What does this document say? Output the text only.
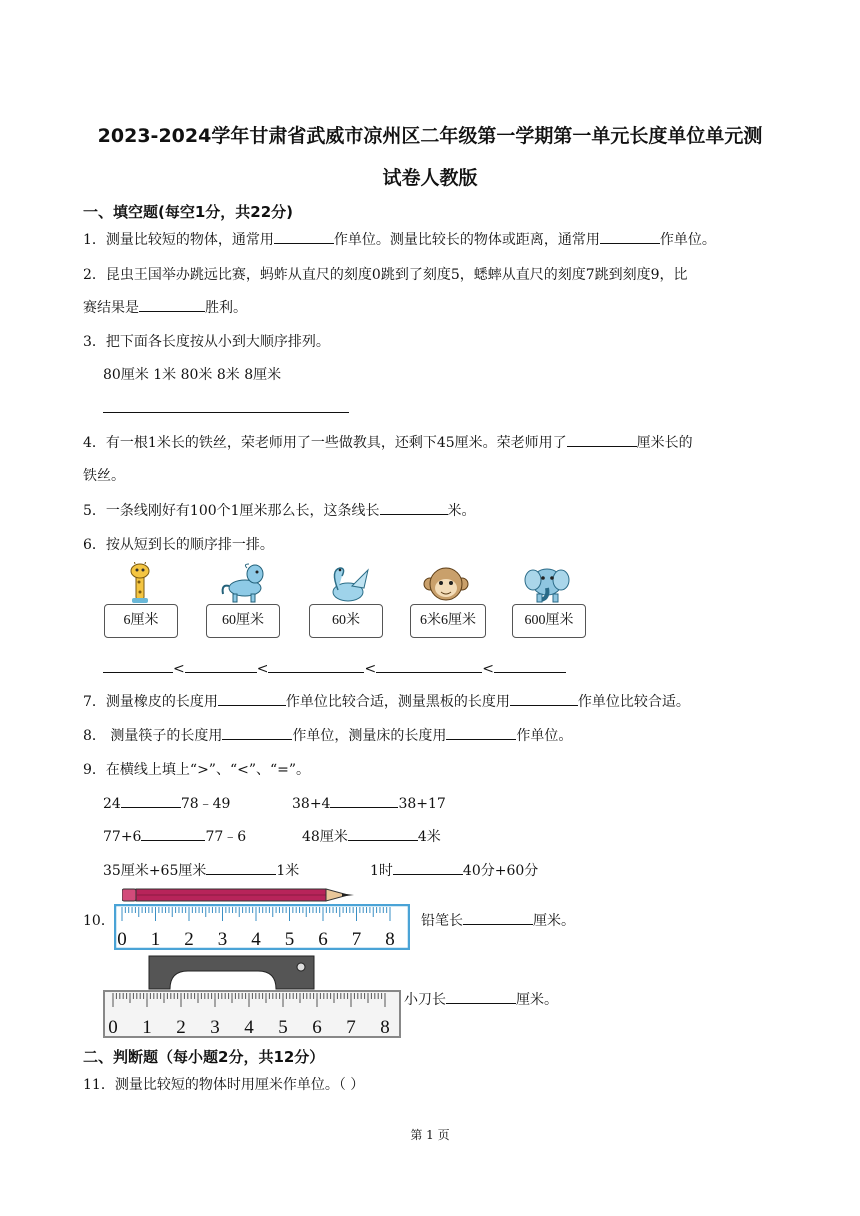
2023-2024学年甘肃省武威市凉州区二年级第一学期第一单元长度单位单元测
试卷人教版
一、填空题(每空1分，共22分)
1．测量比较短的物体，通常用	作单位。测量比较长的物体或距离，通常用	作单位。
2．昆虫王国举办跳远比赛，蚂蚱从直尺的刻度0跳到了刻度5，蟋蟀从直尺的刻度7跳到刻度9，比
赛结果是	胜利。
3．把下面各长度按从小到大顺序排列。
80厘米 1米 80米 8米 8厘米
4．有一根1米长的铁丝，荣老师用了一些做教具，还剩下45厘米。荣老师用了	厘米长的
铁丝。
5．一条线刚好有100个1厘米那么长，这条线长	米。
6．按从短到长的顺序排一排。
6厘米	60厘米	60米	6米6厘米	600厘米
<	<	<	<
7．测量橡皮的长度用	作单位比较合适，测量黑板的长度用	作单位比较合适。
8． 测量筷子的长度用	作单位，测量床的长度用	作单位。
9．在横线上填上“>”、“<”、“=”。
24	78﹣49	38+4	38+17
77+6	77﹣6	48厘米	4米
35厘米+65厘米	1米	1时	40分+60分
10．
0 1 2 3 4 5 6 7 8
铅笔长	厘米。
0 1 2 3 4 5 6 7 8
小刀长	厘米。
二、判断题（每小题2分，共12分）
11．测量比较短的物体时用厘米作单位。（ ）
第 1 页
